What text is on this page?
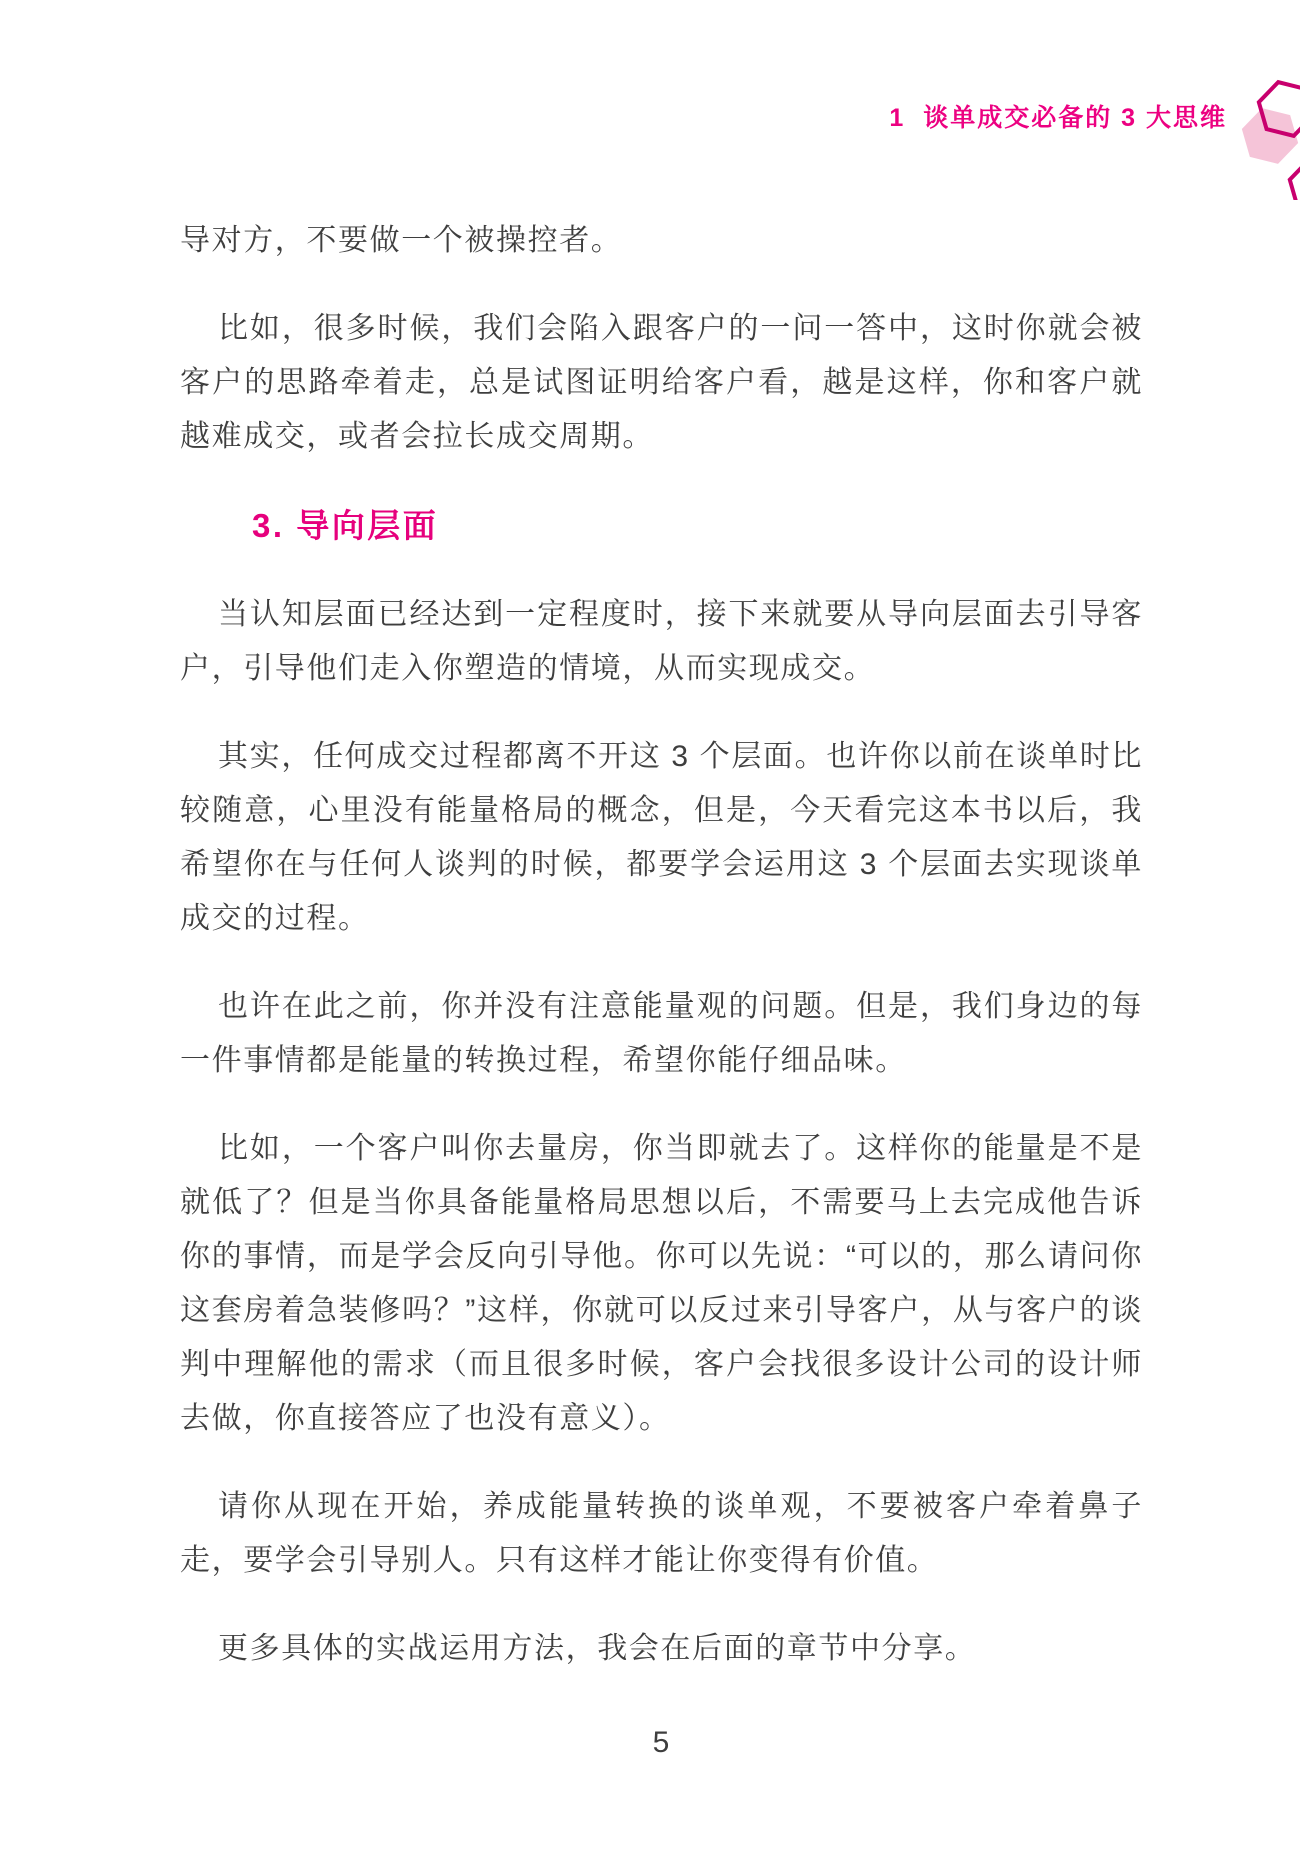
1  谈单成交必备的 3 大思维

导对方，不要做一个被操控者。

比如，很多时候，我们会陷入跟客户的一问一答中，这时你就会被客户的思路牵着走，总是试图证明给客户看，越是这样，你和客户就越难成交，或者会拉长成交周期。

3. 导向层面

当认知层面已经达到一定程度时，接下来就要从导向层面去引导客户，引导他们走入你塑造的情境，从而实现成交。

其实，任何成交过程都离不开这 3 个层面。也许你以前在谈单时比较随意，心里没有能量格局的概念，但是，今天看完这本书以后，我希望你在与任何人谈判的时候，都要学会运用这 3 个层面去实现谈单成交的过程。

也许在此之前，你并没有注意能量观的问题。但是，我们身边的每一件事情都是能量的转换过程，希望你能仔细品味。

比如，一个客户叫你去量房，你当即就去了。这样你的能量是不是就低了？但是当你具备能量格局思想以后，不需要马上去完成他告诉你的事情，而是学会反向引导他。你可以先说：“可以的，那么请问你这套房着急装修吗？”这样，你就可以反过来引导客户，从与客户的谈判中理解他的需求（而且很多时候，客户会找很多设计公司的设计师去做，你直接答应了也没有意义）。

请你从现在开始，养成能量转换的谈单观，不要被客户牵着鼻子走，要学会引导别人。只有这样才能让你变得有价值。

更多具体的实战运用方法，我会在后面的章节中分享。

5
